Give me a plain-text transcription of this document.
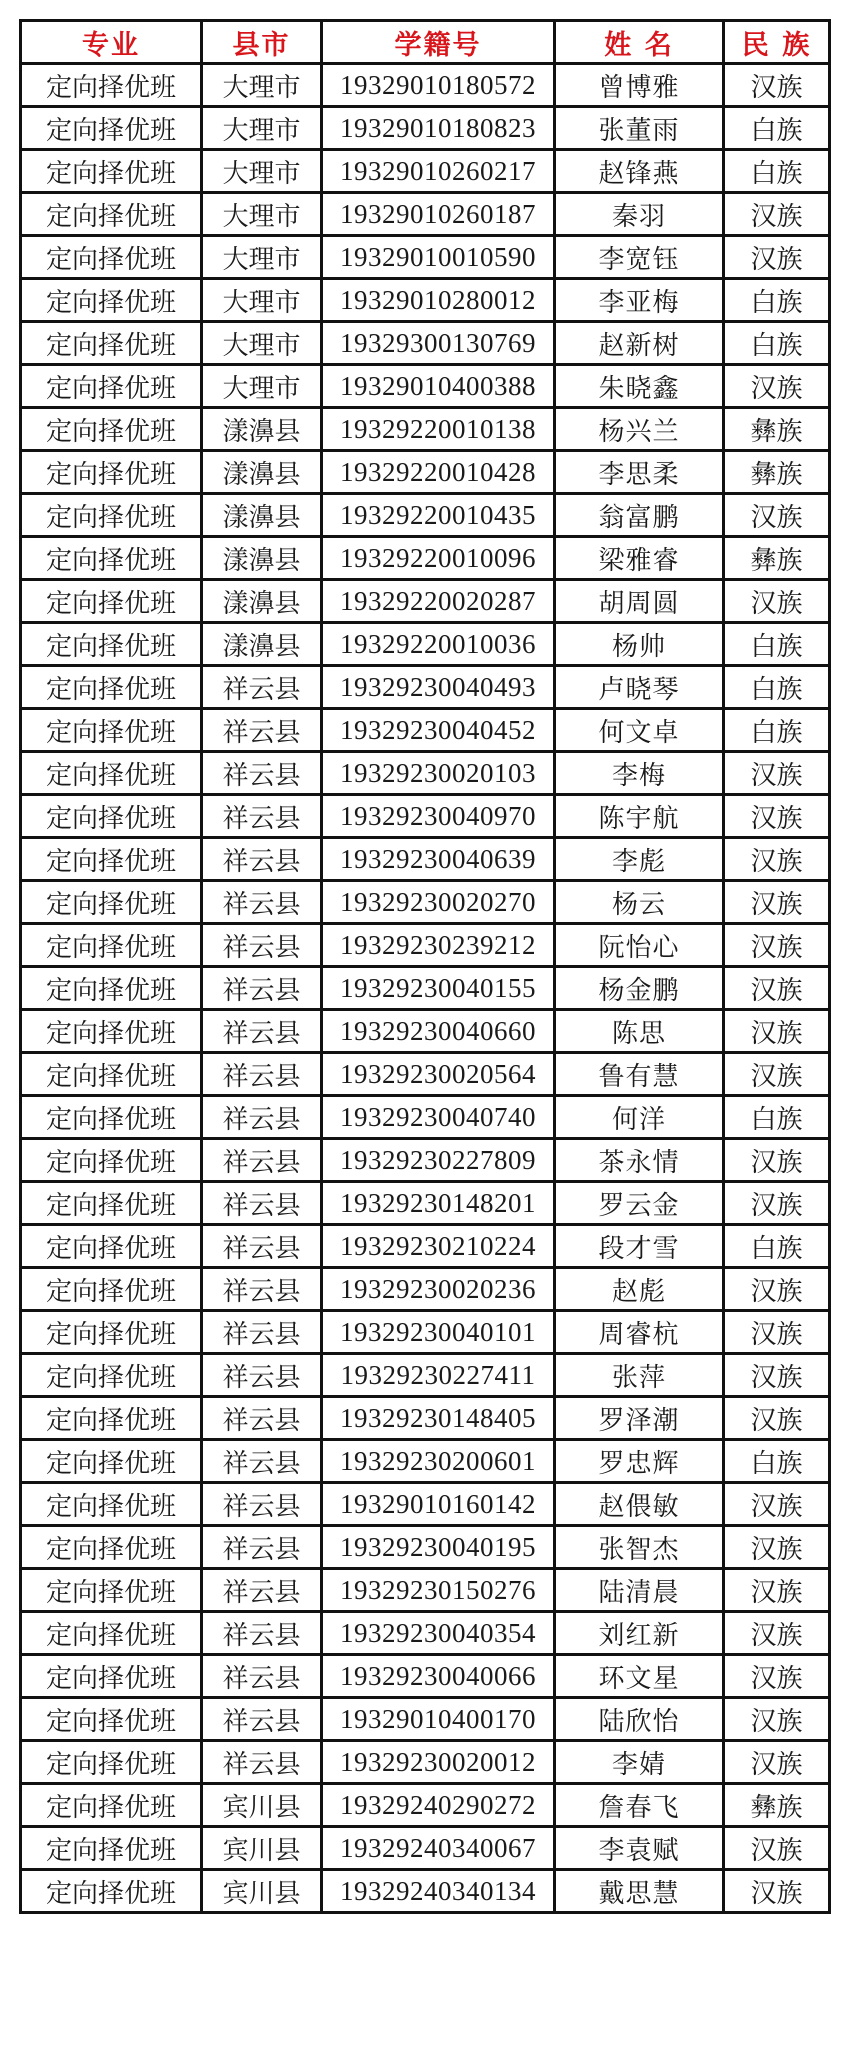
专业	县市	学籍号	姓 名	民 族
定向择优班	大理市	19329010180572	曾博雅	汉族
定向择优班	大理市	19329010180823	张董雨	白族
定向择优班	大理市	19329010260217	赵锋燕	白族
定向择优班	大理市	19329010260187	秦羽	汉族
定向择优班	大理市	19329010010590	李宽钰	汉族
定向择优班	大理市	19329010280012	李亚梅	白族
定向择优班	大理市	19329300130769	赵新树	白族
定向择优班	大理市	19329010400388	朱晓鑫	汉族
定向择优班	漾濞县	19329220010138	杨兴兰	彝族
定向择优班	漾濞县	19329220010428	李思柔	彝族
定向择优班	漾濞县	19329220010435	翁富鹏	汉族
定向择优班	漾濞县	19329220010096	梁雅睿	彝族
定向择优班	漾濞县	19329220020287	胡周圆	汉族
定向择优班	漾濞县	19329220010036	杨帅	白族
定向择优班	祥云县	19329230040493	卢晓琴	白族
定向择优班	祥云县	19329230040452	何文卓	白族
定向择优班	祥云县	19329230020103	李梅	汉族
定向择优班	祥云县	19329230040970	陈宇航	汉族
定向择优班	祥云县	19329230040639	李彪	汉族
定向择优班	祥云县	19329230020270	杨云	汉族
定向择优班	祥云县	19329230239212	阮怡心	汉族
定向择优班	祥云县	19329230040155	杨金鹏	汉族
定向择优班	祥云县	19329230040660	陈思	汉族
定向择优班	祥云县	19329230020564	鲁有慧	汉族
定向择优班	祥云县	19329230040740	何洋	白族
定向择优班	祥云县	19329230227809	茶永情	汉族
定向择优班	祥云县	19329230148201	罗云金	汉族
定向择优班	祥云县	19329230210224	段才雪	白族
定向择优班	祥云县	19329230020236	赵彪	汉族
定向择优班	祥云县	19329230040101	周睿杭	汉族
定向择优班	祥云县	19329230227411	张萍	汉族
定向择优班	祥云县	19329230148405	罗泽潮	汉族
定向择优班	祥云县	19329230200601	罗忠辉	白族
定向择优班	祥云县	19329010160142	赵偎敏	汉族
定向择优班	祥云县	19329230040195	张智杰	汉族
定向择优班	祥云县	19329230150276	陆清晨	汉族
定向择优班	祥云县	19329230040354	刘红新	汉族
定向择优班	祥云县	19329230040066	环文星	汉族
定向择优班	祥云县	19329010400170	陆欣怡	汉族
定向择优班	祥云县	19329230020012	李婧	汉族
定向择优班	宾川县	19329240290272	詹春飞	彝族
定向择优班	宾川县	19329240340067	李袁赋	汉族
定向择优班	宾川县	19329240340134	戴思慧	汉族
